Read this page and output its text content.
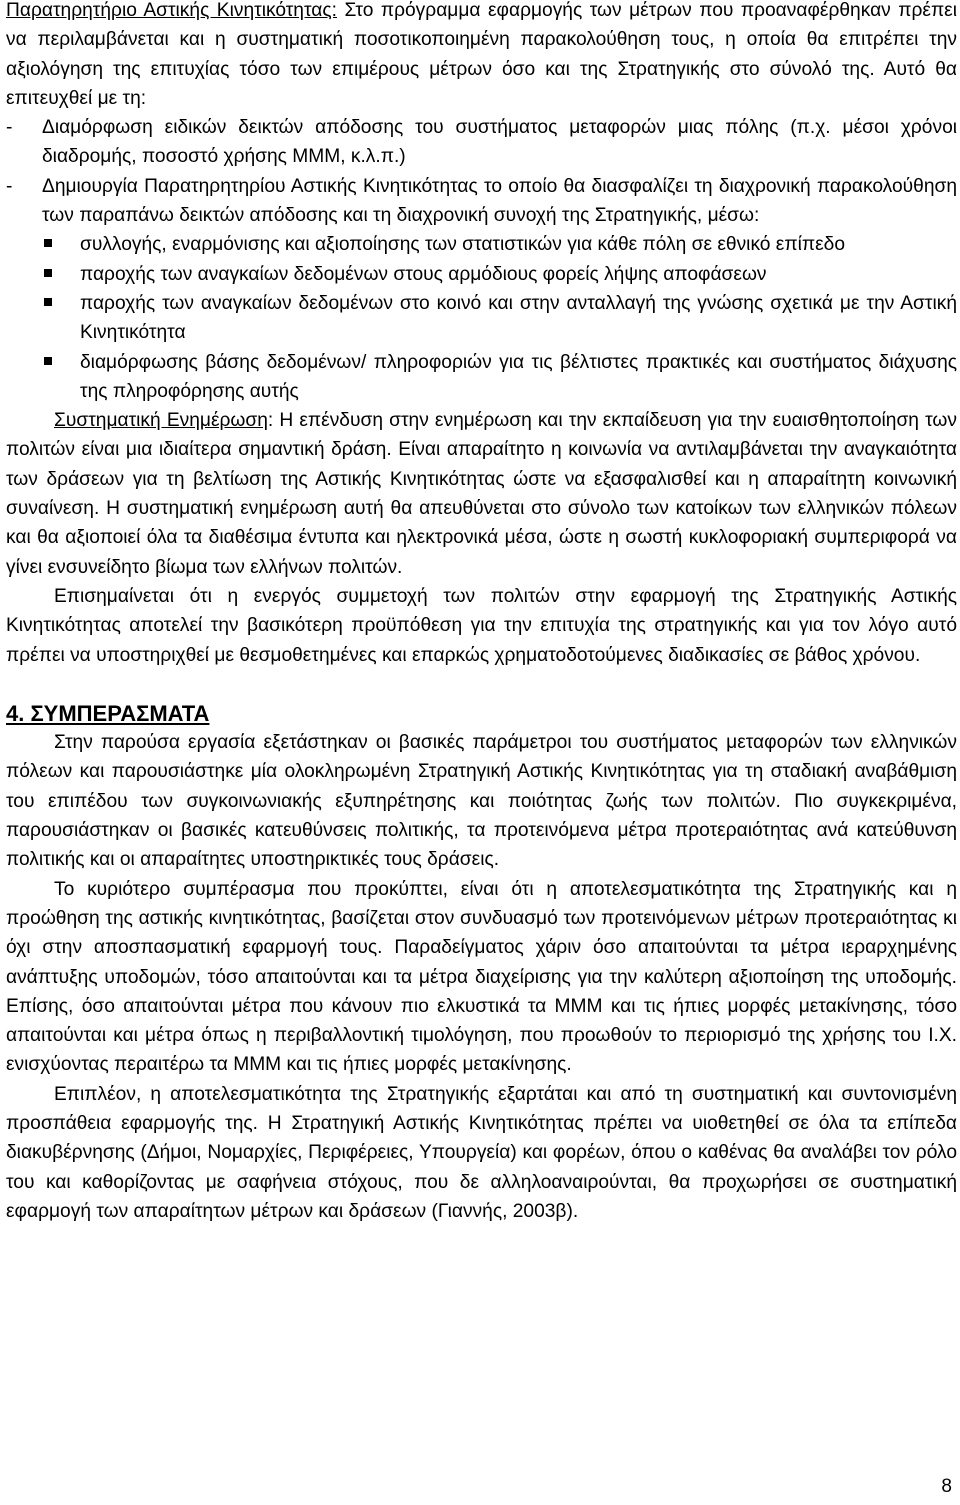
Παρατηρητήριο Αστικής Κινητικότητας: Στο πρόγραμμα εφαρμογής των μέτρων που προαναφέρθηκαν πρέπει να περιλαμβάνεται και η συστηματική ποσοτικοποιημένη παρακολούθηση τους, η οποία θα επιτρέπει την αξιολόγηση της επιτυχίας τόσο των επιμέρους μέτρων όσο και της Στρατηγικής στο σύνολό της. Αυτό θα επιτευχθεί με τη:

-	Διαμόρφωση ειδικών δεικτών απόδοσης του συστήματος μεταφορών μιας πόλης (π.χ. μέσοι χρόνοι διαδρομής, ποσοστό χρήσης ΜΜΜ, κ.λ.π.)
-	Δημιουργία Παρατηρητηρίου Αστικής Κινητικότητας το οποίο θα διασφαλίζει τη διαχρονική παρακολούθηση των παραπάνω δεικτών απόδοσης και τη διαχρονική συνοχή της Στρατηγικής, μέσω:
συλλογής, εναρμόνισης και αξιοποίησης των στατιστικών για κάθε πόλη σε εθνικό επίπεδο
παροχής των αναγκαίων δεδομένων στους αρμόδιους φορείς λήψης αποφάσεων
παροχής των αναγκαίων δεδομένων στο κοινό και στην ανταλλαγή της γνώσης σχετικά με την Αστική Κινητικότητα
διαμόρφωσης βάσης δεδομένων/ πληροφοριών για τις βέλτιστες πρακτικές και συστήματος διάχυσης της πληροφόρησης αυτής

Συστηματική Ενημέρωση: Η επένδυση στην ενημέρωση και την εκπαίδευση για την ευαισθητοποίηση των πολιτών είναι μια ιδιαίτερα σημαντική δράση. Είναι απαραίτητο η κοινωνία να αντιλαμβάνεται την αναγκαιότητα των δράσεων για τη βελτίωση της Αστικής Κινητικότητας ώστε να εξασφαλισθεί και η απαραίτητη κοινωνική συναίνεση. Η συστηματική ενημέρωση αυτή θα απευθύνεται στο σύνολο των κατοίκων των ελληνικών πόλεων και θα αξιοποιεί όλα τα διαθέσιμα έντυπα και ηλεκτρονικά μέσα, ώστε η σωστή κυκλοφοριακή συμπεριφορά να γίνει ενσυνείδητο βίωμα των ελλήνων πολιτών.

Επισημαίνεται ότι η ενεργός συμμετοχή των πολιτών στην εφαρμογή της Στρατηγικής Αστικής Κινητικότητας αποτελεί την βασικότερη προϋπόθεση για την επιτυχία της στρατηγικής και για τον λόγο αυτό πρέπει να υποστηριχθεί με θεσμοθετημένες και επαρκώς χρηματοδοτούμενες διαδικασίες σε βάθος χρόνου.

4. ΣΥΜΠΕΡΑΣΜΑΤΑ

Στην παρούσα εργασία εξετάστηκαν οι βασικές παράμετροι του συστήματος μεταφορών των ελληνικών πόλεων και παρουσιάστηκε μία ολοκληρωμένη Στρατηγική Αστικής Κινητικότητας για τη σταδιακή αναβάθμιση του επιπέδου των συγκοινωνιακής εξυπηρέτησης και ποιότητας ζωής των πολιτών. Πιο συγκεκριμένα, παρουσιάστηκαν οι βασικές κατευθύνσεις πολιτικής, τα προτεινόμενα μέτρα προτεραιότητας ανά κατεύθυνση πολιτικής και οι απαραίτητες υποστηρικτικές τους δράσεις.

Το κυριότερο συμπέρασμα που προκύπτει, είναι ότι η αποτελεσματικότητα της Στρατηγικής και η προώθηση της αστικής κινητικότητας, βασίζεται στον συνδυασμό των προτεινόμενων μέτρων προτεραιότητας κι όχι στην αποσπασματική εφαρμογή τους. Παραδείγματος χάριν όσο απαιτούνται τα μέτρα ιεραρχημένης ανάπτυξης υποδομών, τόσο απαιτούνται και τα μέτρα διαχείρισης για την καλύτερη αξιοποίηση της υποδομής. Επίσης, όσο απαιτούνται μέτρα που κάνουν πιο ελκυστικά τα ΜΜΜ και τις ήπιες μορφές μετακίνησης, τόσο απαιτούνται και μέτρα όπως η περιβαλλοντική τιμολόγηση, που προωθούν το περιορισμό της χρήσης του Ι.Χ. ενισχύοντας περαιτέρω τα ΜΜΜ και τις ήπιες μορφές μετακίνησης.

Επιπλέον, η αποτελεσματικότητα της Στρατηγικής εξαρτάται και από τη συστηματική και συντονισμένη προσπάθεια εφαρμογής της. Η Στρατηγική Αστικής Κινητικότητας πρέπει να υιοθετηθεί σε όλα τα επίπεδα διακυβέρνησης (Δήμοι, Νομαρχίες, Περιφέρειες, Υπουργεία) και φορέων, όπου ο καθένας θα αναλάβει τον ρόλο του και καθορίζοντας με σαφήνεια στόχους, που δε αλληλοαναιρούνται, θα προχωρήσει σε συστηματική εφαρμογή των απαραίτητων μέτρων και δράσεων (Γιαννής, 2003β).

8
